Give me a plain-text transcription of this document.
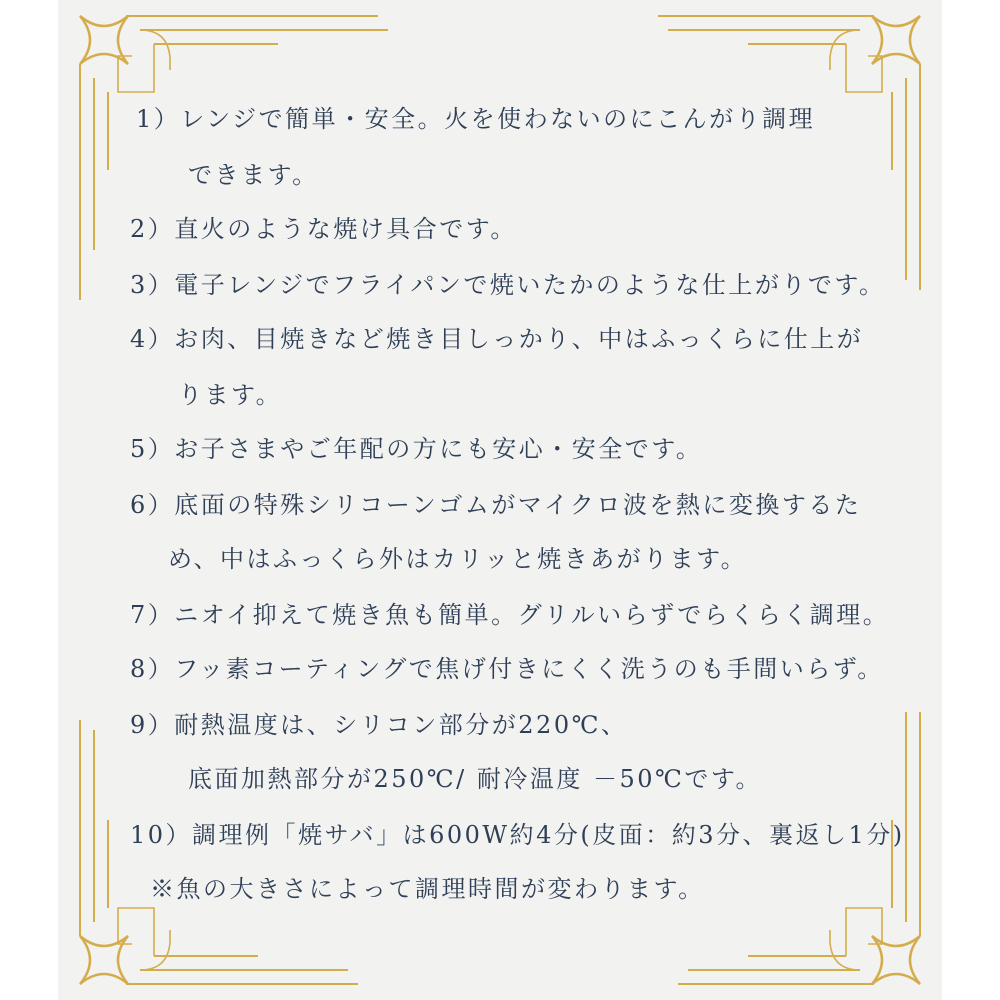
1）レンジで簡単・安全。火を使わないのにこんがり調理
できます。
2）直火のような焼け具合です。
3）電子レンジでフライパンで焼いたかのような仕上がりです。
4）お肉、目焼きなど焼き目しっかり、中はふっくらに仕上が
ります。
5）お子さまやご年配の方にも安心・安全です。
6）底面の特殊シリコーンゴムがマイクロ波を熱に変換するた
め、中はふっくら外はカリッと焼きあがります。
7）ニオイ抑えて焼き魚も簡単。グリルいらずでらくらく調理。
8）フッ素コーティングで焦げ付きにくく洗うのも手間いらず。
9）耐熱温度は、シリコン部分が220℃、
底面加熱部分が250℃/ 耐冷温度 －50℃です。
10）調理例「焼サバ」は600W約4分(皮面：約3分、裏返し1分)
※魚の大きさによって調理時間が変わります。
